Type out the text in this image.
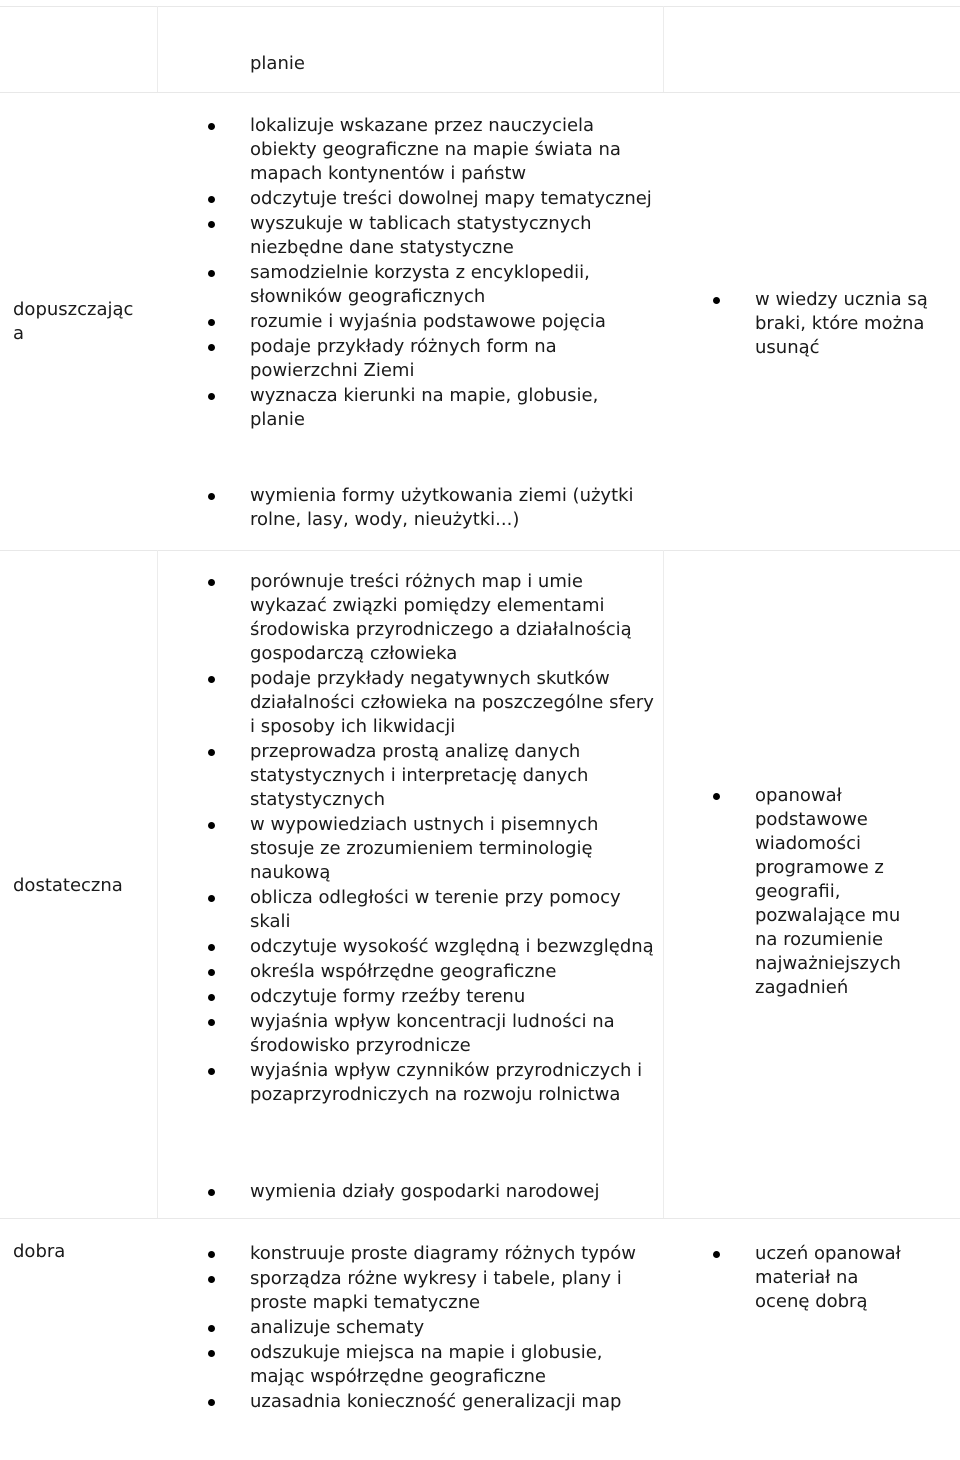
planie
dopuszczając
a
lokalizuje wskazane przez nauczyciela obiekty geograficzne na mapie świata na mapach kontynentów i państw
odczytuje treści dowolnej mapy tematycznej
wyszukuje w tablicach statystycznych niezbędne dane statystyczne
samodzielnie korzysta z encyklopedii, słowników geograficznych
rozumie i wyjaśnia podstawowe pojęcia
podaje przykłady różnych form na powierzchni Ziemi
wyznacza kierunki na mapie, globusie, planie
wymienia formy użytkowania ziemi (użytki rolne, lasy, wody, nieużytki...)
w wiedzy ucznia są braki, które można usunąć
dostateczna
porównuje treści różnych map i umie wykazać związki pomiędzy elementami środowiska przyrodniczego a działalnością gospodarczą człowieka
podaje przykłady negatywnych skutków działalności człowieka na poszczególne sfery i sposoby ich likwidacji
przeprowadza prostą analizę danych statystycznych i interpretację danych statystycznych
w wypowiedziach ustnych i pisemnych stosuje ze zrozumieniem terminologię naukową
oblicza odległości w terenie przy pomocy skali
odczytuje wysokość względną i bezwzględną
określa współrzędne geograficzne
odczytuje formy rzeźby terenu
wyjaśnia wpływ koncentracji ludności na środowisko przyrodnicze
wyjaśnia wpływ czynników przyrodniczych i pozaprzyrodniczych na rozwoju rolnictwa
wymienia działy gospodarki narodowej
opanował podstawowe wiadomości programowe z geografii, pozwalające mu na rozumienie najważniejszych zagadnień
dobra	konstruuje proste diagramy różnych typów
sporządza różne wykresy i tabele, plany i proste mapki tematyczne
analizuje schematy
odszukuje miejsca na mapie i globusie, mając współrzędne geograficzne
uzasadnia konieczność generalizacji map
uczeń opanował materiał na ocenę dobrą
